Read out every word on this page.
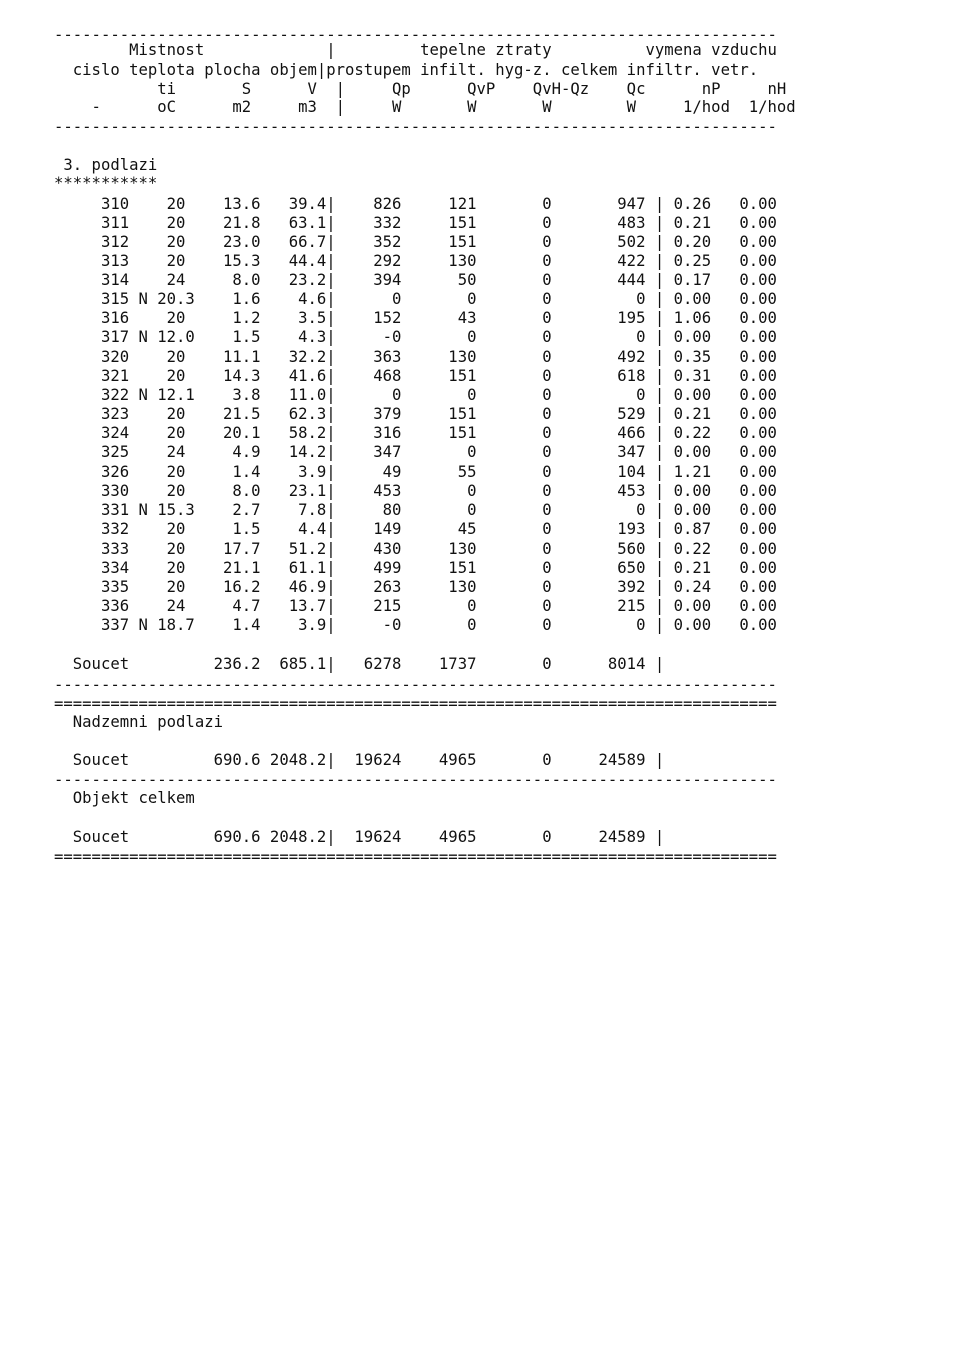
-----------------------------------------------------------------------------
Mistnost             |         tepelne ztraty          vymena vzduchu
cislo teplota plocha objem|prostupem infilt. hyg-z. celkem infiltr. vetr.
ti       S      V  |     Qp      QvP    QvH-Qz    Qc      nP     nH
-      oC      m2     m3  |     W       W       W        W     1/hod  1/hod
-----------------------------------------------------------------------------
3. podlazi
***********
310    20    13.6   39.4|    826     121       0       947 | 0.26   0.00
311    20    21.8   63.1|    332     151       0       483 | 0.21   0.00
312    20    23.0   66.7|    352     151       0       502 | 0.20   0.00
313    20    15.3   44.4|    292     130       0       422 | 0.25   0.00
314    24     8.0   23.2|    394      50       0       444 | 0.17   0.00
315 N 20.3    1.6    4.6|      0       0       0         0 | 0.00   0.00
316    20     1.2    3.5|    152      43       0       195 | 1.06   0.00
317 N 12.0    1.5    4.3|     -0       0       0         0 | 0.00   0.00
320    20    11.1   32.2|    363     130       0       492 | 0.35   0.00
321    20    14.3   41.6|    468     151       0       618 | 0.31   0.00
322 N 12.1    3.8   11.0|      0       0       0         0 | 0.00   0.00
323    20    21.5   62.3|    379     151       0       529 | 0.21   0.00
324    20    20.1   58.2|    316     151       0       466 | 0.22   0.00
325    24     4.9   14.2|    347       0       0       347 | 0.00   0.00
326    20     1.4    3.9|     49      55       0       104 | 1.21   0.00
330    20     8.0   23.1|    453       0       0       453 | 0.00   0.00
331 N 15.3    2.7    7.8|     80       0       0         0 | 0.00   0.00
332    20     1.5    4.4|    149      45       0       193 | 0.87   0.00
333    20    17.7   51.2|    430     130       0       560 | 0.22   0.00
334    20    21.1   61.1|    499     151       0       650 | 0.21   0.00
335    20    16.2   46.9|    263     130       0       392 | 0.24   0.00
336    24     4.7   13.7|    215       0       0       215 | 0.00   0.00
337 N 18.7    1.4    3.9|     -0       0       0         0 | 0.00   0.00
Soucet         236.2  685.1|   6278    1737       0      8014 |
-----------------------------------------------------------------------------
=============================================================================
Nadzemni podlazi
Soucet         690.6 2048.2|  19624    4965       0     24589 |
-----------------------------------------------------------------------------
Objekt celkem
Soucet         690.6 2048.2|  19624    4965       0     24589 |
=============================================================================
